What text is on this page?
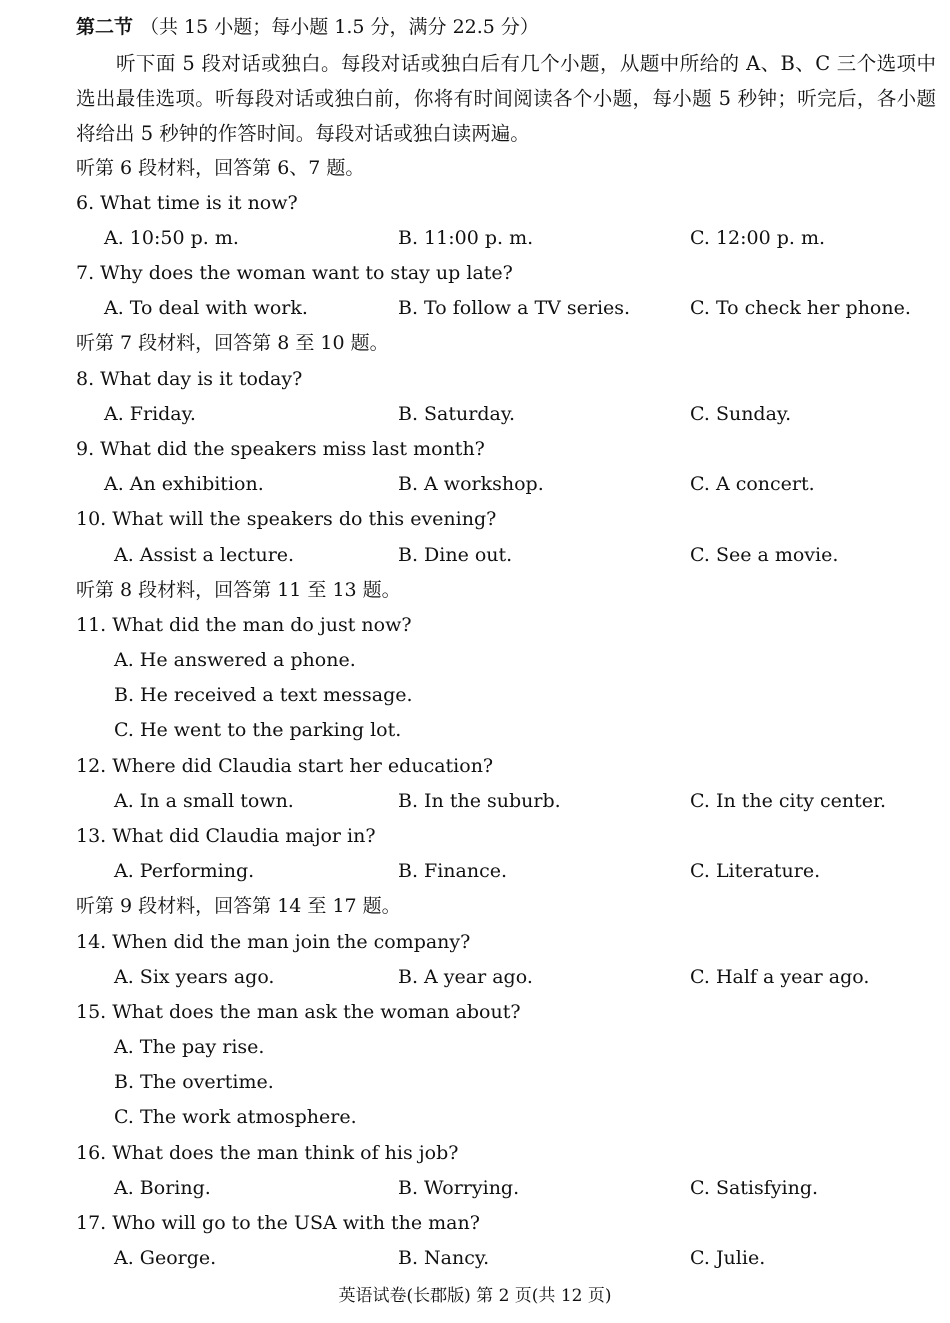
第二节 （共 15 小题；每小题 1.5 分，满分 22.5 分）
听下面 5 段对话或独白。每段对话或独白后有几个小题，从题中所给的 A、B、C 三个选项中选出最佳选项。听每段对话或独白前，你将有时间阅读各个小题，每小题 5 秒钟；听完后，各小题将给出 5 秒钟的作答时间。每段对话或独白读两遍。
听第 6 段材料，回答第 6、7 题。
6. What time is it now?
A. 10:50 p. m.	B. 11:00 p. m.	C. 12:00 p. m.
7. Why does the woman want to stay up late?
A. To deal with work.	B. To follow a TV series.	C. To check her phone.
听第 7 段材料，回答第 8 至 10 题。
8. What day is it today?
A. Friday.	B. Saturday.	C. Sunday.
9. What did the speakers miss last month?
A. An exhibition.	B. A workshop.	C. A concert.
10. What will the speakers do this evening?
A. Assist a lecture.	B. Dine out.	C. See a movie.
听第 8 段材料，回答第 11 至 13 题。
11. What did the man do just now?
A. He answered a phone.
B. He received a text message.
C. He went to the parking lot.
12. Where did Claudia start her education?
A. In a small town.	B. In the suburb.	C. In the city center.
13. What did Claudia major in?
A. Performing.	B. Finance.	C. Literature.
听第 9 段材料，回答第 14 至 17 题。
14. When did the man join the company?
A. Six years ago.	B. A year ago.	C. Half a year ago.
15. What does the man ask the woman about?
A. The pay rise.
B. The overtime.
C. The work atmosphere.
16. What does the man think of his job?
A. Boring.	B. Worrying.	C. Satisfying.
17. Who will go to the USA with the man?
A. George.	B. Nancy.	C. Julie.
英语试卷(长郡版) 第 2 页(共 12 页)
